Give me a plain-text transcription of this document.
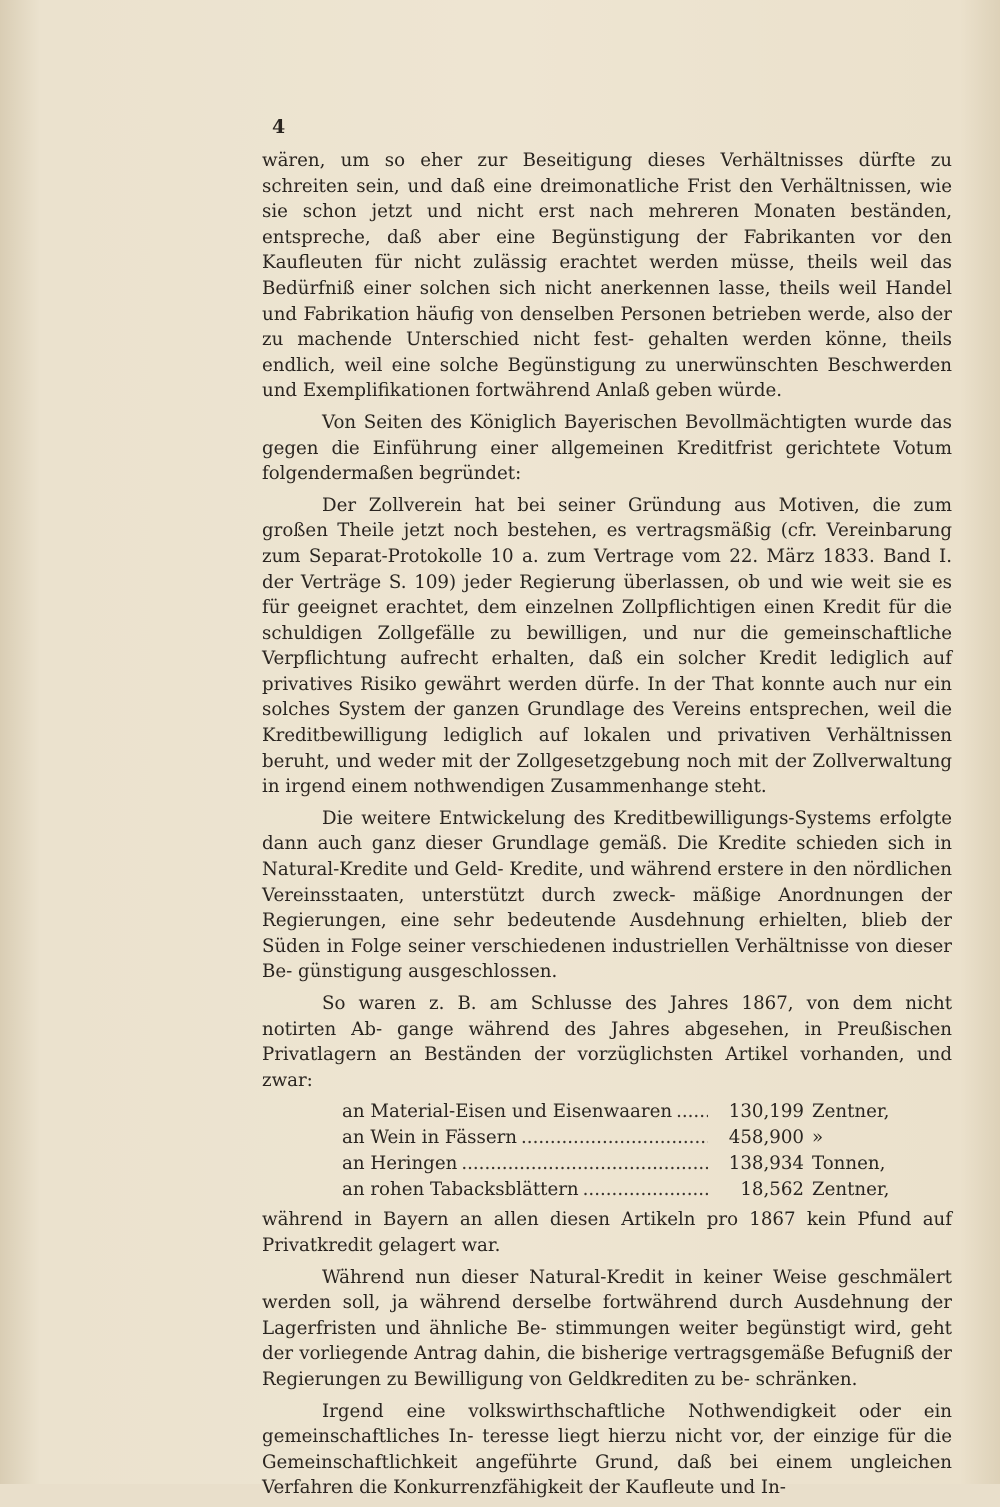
4

wären, um so eher zur Beseitigung dieses Verhältnisses dürfte zu schreiten sein, und daß eine dreimonatliche Frist den Verhältnissen, wie sie schon jetzt und nicht erst nach mehreren Monaten beständen, entspreche, daß aber eine Begünstigung der Fabrikanten vor den Kaufleuten für nicht zulässig erachtet werden müsse, theils weil das Bedürfniß einer solchen sich nicht anerkennen lasse, theils weil Handel und Fabrikation häufig von denselben Personen betrieben werde, also der zu machende Unterschied nicht fest- gehalten werden könne, theils endlich, weil eine solche Begünstigung zu unerwünschten Beschwerden und Exemplifikationen fortwährend Anlaß geben würde.

Von Seiten des Königlich Bayerischen Bevollmächtigten wurde das gegen die Einführung einer allgemeinen Kreditfrist gerichtete Votum folgendermaßen begründet:

Der Zollverein hat bei seiner Gründung aus Motiven, die zum großen Theile jetzt noch bestehen, es vertragsmäßig (cfr. Vereinbarung zum Separat-Protokolle 10 a. zum Vertrage vom 22. März 1833. Band I. der Verträge S. 109) jeder Regierung überlassen, ob und wie weit sie es für geeignet erachtet, dem einzelnen Zollpflichtigen einen Kredit für die schuldigen Zollgefälle zu bewilligen, und nur die gemeinschaftliche Verpflichtung aufrecht erhalten, daß ein solcher Kredit lediglich auf privatives Risiko gewährt werden dürfe. In der That konnte auch nur ein solches System der ganzen Grundlage des Vereins entsprechen, weil die Kreditbewilligung lediglich auf lokalen und privativen Verhältnissen beruht, und weder mit der Zollgesetzgebung noch mit der Zollverwaltung in irgend einem nothwendigen Zusammenhange steht.

Die weitere Entwickelung des Kreditbewilligungs-Systems erfolgte dann auch ganz dieser Grundlage gemäß. Die Kredite schieden sich in Natural-Kredite und Geld- Kredite, und während erstere in den nördlichen Vereinsstaaten, unterstützt durch zweck- mäßige Anordnungen der Regierungen, eine sehr bedeutende Ausdehnung erhielten, blieb der Süden in Folge seiner verschiedenen industriellen Verhältnisse von dieser Be- günstigung ausgeschlossen.

So waren z. B. am Schlusse des Jahres 1867, von dem nicht notirten Ab- gange während des Jahres abgesehen, in Preußischen Privatlagern an Beständen der vorzüglichsten Artikel vorhanden, und zwar:

an Material-Eisen und Eisenwaaren .....	130,199 Zentner,
an Wein in Fässern .....	458,900 »
an Heringen .....	138,934 Tonnen,
an rohen Tabacksblättern .....	18,562 Zentner,

während in Bayern an allen diesen Artikeln pro 1867 kein Pfund auf Privatkredit gelagert war.

Während nun dieser Natural-Kredit in keiner Weise geschmälert werden soll, ja während derselbe fortwährend durch Ausdehnung der Lagerfristen und ähnliche Be- stimmungen weiter begünstigt wird, geht der vorliegende Antrag dahin, die bisherige vertragsgemäße Befugniß der Regierungen zu Bewilligung von Geldkrediten zu be- schränken.

Irgend eine volkswirthschaftliche Nothwendigkeit oder ein gemeinschaftliches In- teresse liegt hierzu nicht vor, der einzige für die Gemeinschaftlichkeit angeführte Grund, daß bei einem ungleichen Verfahren die Konkurrenzfähigkeit der Kaufleute und In-
